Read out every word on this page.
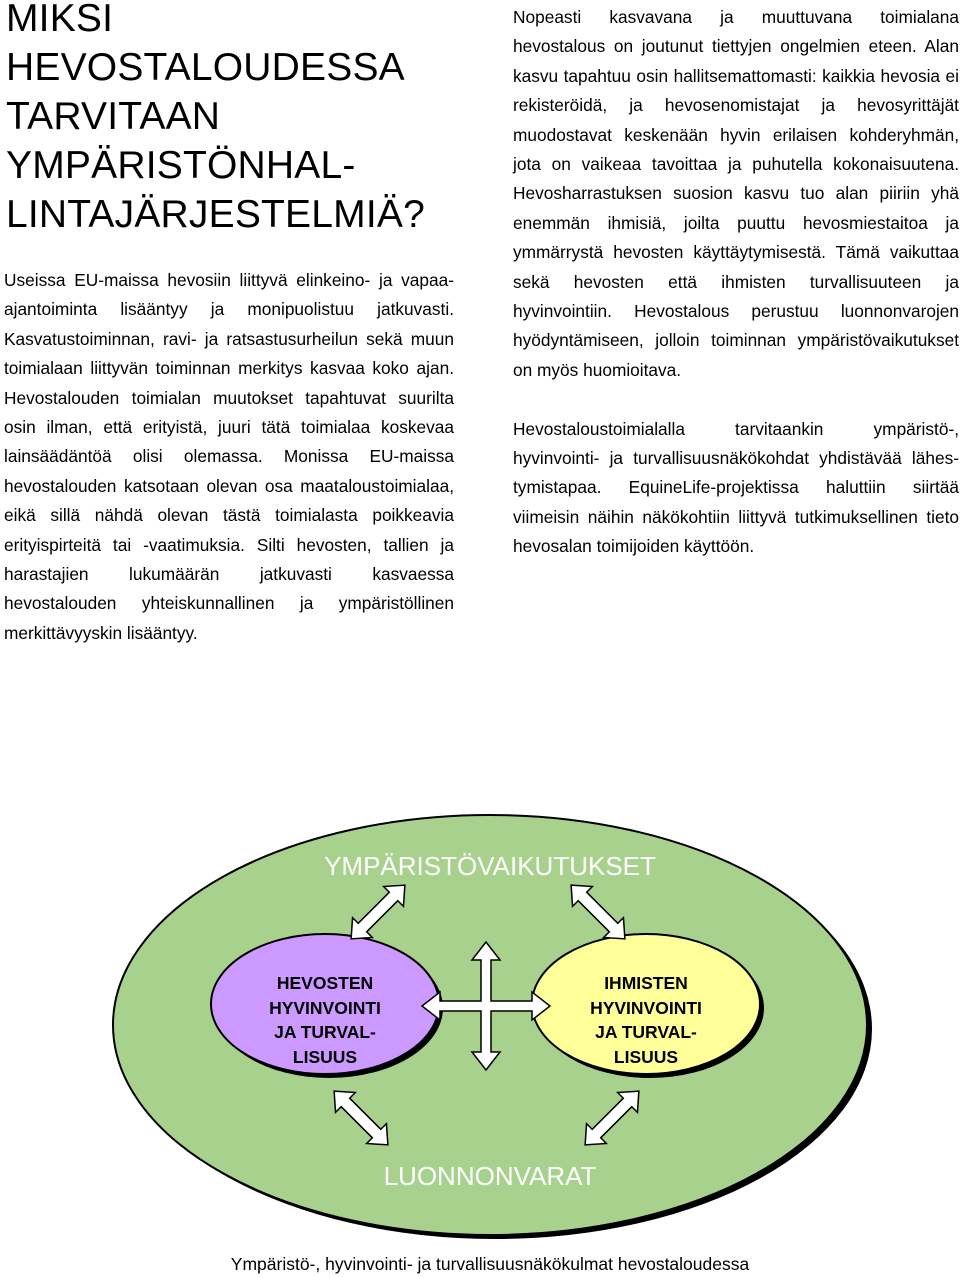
MIKSI
HEVOSTALOUDESSA
TARVITAAN
YMPÄRISTÖNHAL-
LINTAJÄRJESTELMIÄ?

Useissa EU-maissa hevosiin liittyvä elinkeino- ja vapaa-ajantoiminta lisääntyy ja monipuolistuu jatkuvasti. Kasvatustoiminnan, ravi- ja ratsastusurheilun sekä muun toimialaan liittyvän toiminnan merkitys kasvaa koko ajan. Hevostalouden toimialan muutokset tapahtuvat suurilta osin ilman, että erityistä, juuri tätä toimialaa koskevaa lainsäädäntöä olisi olemassa. Monissa EU-maissa hevostalouden katsotaan olevan osa maataloustoimialaa, eikä sillä nähdä olevan tästä toimialasta poikkeavia erityispirteitä tai -vaatimuksia. Silti hevosten, tallien ja harastajien lukumäärän jatkuvasti kasvaessa hevostalouden yhteiskunnallinen ja ympäristöllinen merkittävyyskin lisääntyy.

Nopeasti kasvavana ja muuttuvana toimialana hevostalous on joutunut tiettyjen ongelmien eteen. Alan kasvu tapahtuu osin hallitsemattomasti: kaikkia hevosia ei rekisteröidä, ja hevosenomistajat ja hevosyrittäjät muodostavat keskenään hyvin erilaisen kohderyhmän, jota on vaikeaa tavoittaa ja puhutella kokonaisuutena. Hevosharrastuksen suosion kasvu tuo alan piiriin yhä enemmän ihmisiä, joilta puuttu hevosmiestaitoa ja ymmärrystä hevosten käyttäytymisestä. Tämä vaikuttaa sekä hevosten että ihmisten turvallisuuteen ja hyvinvointiin. Hevostalous perustuu luonnonvarojen hyödyntämiseen, jolloin toiminnan ympäristövaikutukset on myös huomioitava.

Hevostaloustoimialalla tarvitaankin ympäristö-, hyvinvointi- ja turvallisuusnäkökohdat yhdistävää lähes-tymistapaa. EquineLife-projektissa haluttiin siirtää viimeisin näihin näkökohtiin liittyvä tutkimuksellinen tieto hevosalan toimijoiden käyttöön.

YMPÄRISTÖVAIKUTUKSET
LUONNONVARAT
HEVOSTEN
HYVINVOINTI
JA TURVAL-
LISUUS
IHMISTEN
HYVINVOINTI
JA TURVAL-
LISUUS
Ympäristö-, hyvinvointi- ja turvallisuusnäkökulmat hevostaloudessa
